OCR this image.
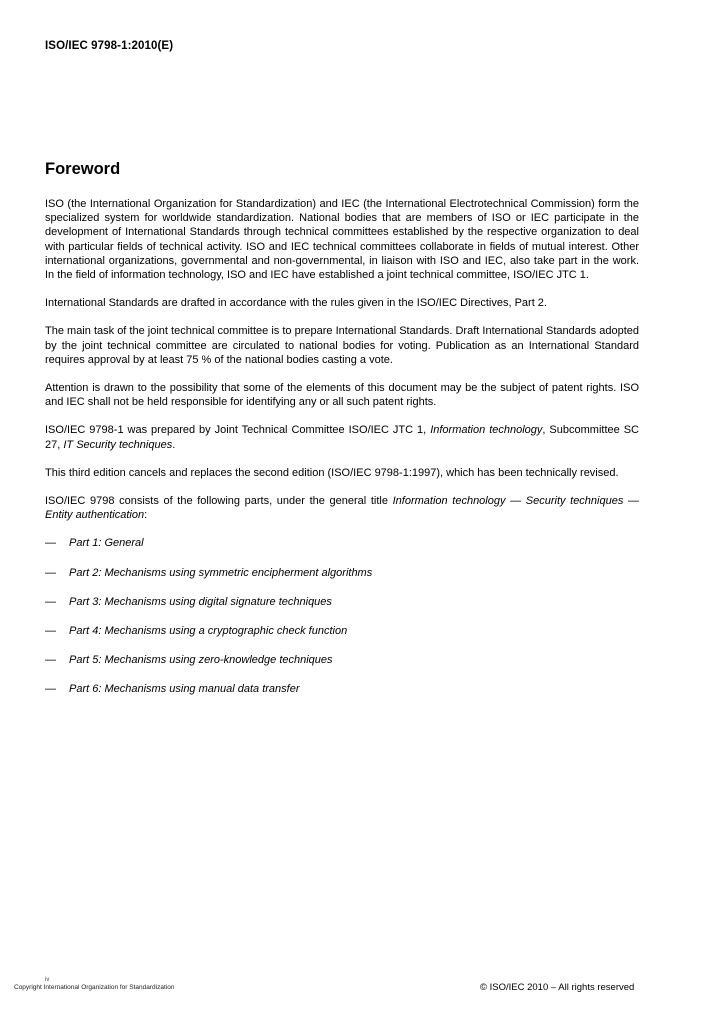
ISO/IEC 9798-1:2010(E)
Foreword

ISO (the International Organization for Standardization) and IEC (the International Electrotechnical Commission) form the specialized system for worldwide standardization. National bodies that are members of ISO or IEC participate in the development of International Standards through technical committees established by the respective organization to deal with particular fields of technical activity. ISO and IEC technical committees collaborate in fields of mutual interest. Other international organizations, governmental and non-governmental, in liaison with ISO and IEC, also take part in the work. In the field of information technology, ISO and IEC have established a joint technical committee, ISO/IEC JTC 1.

International Standards are drafted in accordance with the rules given in the ISO/IEC Directives, Part 2.

The main task of the joint technical committee is to prepare International Standards. Draft International Standards adopted by the joint technical committee are circulated to national bodies for voting. Publication as an International Standard requires approval by at least 75 % of the national bodies casting a vote.

Attention is drawn to the possibility that some of the elements of this document may be the subject of patent rights. ISO and IEC shall not be held responsible for identifying any or all such patent rights.

ISO/IEC 9798-1 was prepared by Joint Technical Committee ISO/IEC JTC 1, Information technology, Subcommittee SC 27, IT Security techniques.

This third edition cancels and replaces the second edition (ISO/IEC 9798-1:1997), which has been technically revised.

ISO/IEC 9798 consists of the following parts, under the general title Information technology — Security techniques — Entity authentication:

—	Part 1: General
—	Part 2: Mechanisms using symmetric encipherment algorithms
—	Part 3: Mechanisms using digital signature techniques
—	Part 4: Mechanisms using a cryptographic check function
—	Part 5: Mechanisms using zero-knowledge techniques
—	Part 6: Mechanisms using manual data transfer
iv
Copyright International Organization for Standardization	© ISO/IEC 2010 – All rights reserved
